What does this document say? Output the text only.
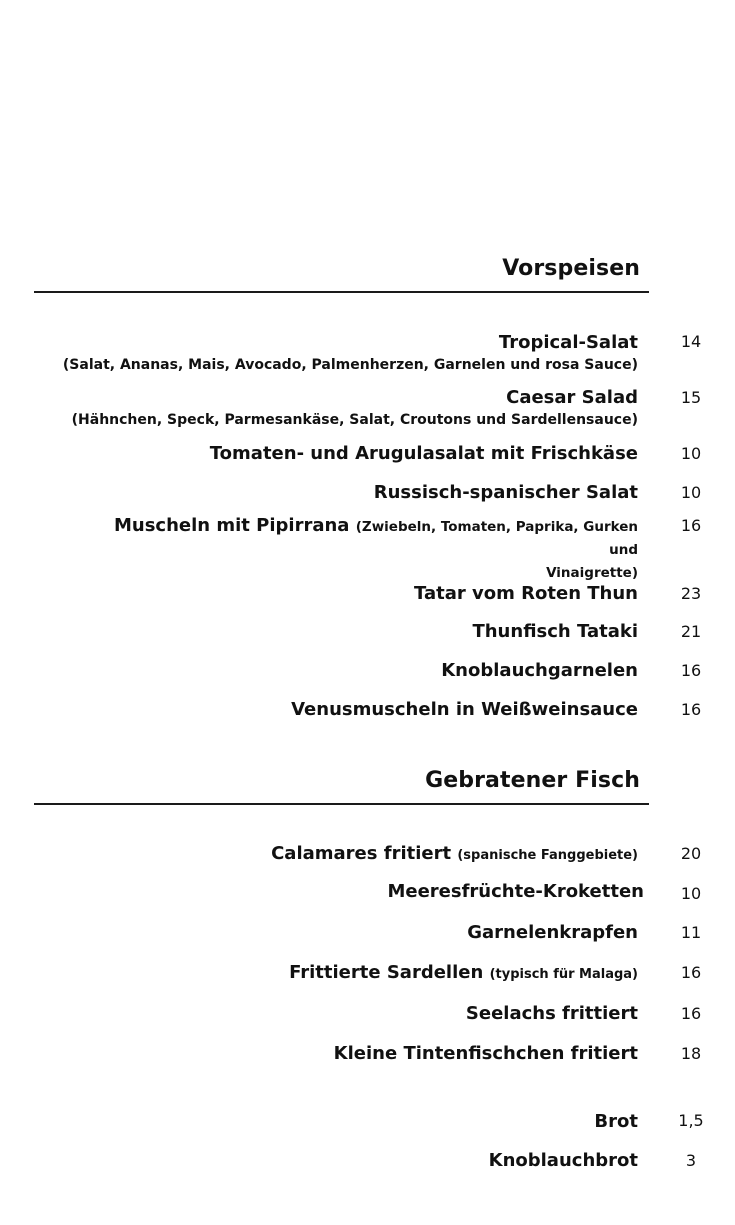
Vorspeisen
Tropical-Salat
(Salat, Ananas, Mais, Avocado, Palmenherzen, Garnelen und rosa Sauce)
14
Caesar Salad
(Hähnchen, Speck, Parmesankäse, Salat, Croutons und Sardellensauce)
15
Tomaten- und Arugulasalat mit Frischkäse	10
Russisch-spanischer Salat	10
Muscheln mit Pipirrana (Zwiebeln, Tomaten, Paprika, Gurken und
Vinaigrette)
16
Tatar vom Roten Thun	23
Thunfisch Tataki	21
Knoblauchgarnelen	16
Venusmuscheln in Weißweinsauce	16
Gebratener Fisch
Calamares fritiert (spanische Fanggebiete)	20
Meeresfrüchte-Kroketten	10
Garnelenkrapfen	11
Frittierte Sardellen (typisch für Malaga)	16
Seelachs frittiert	16
Kleine Tintenfischchen fritiert	18
Brot	1,5
Knoblauchbrot	3
